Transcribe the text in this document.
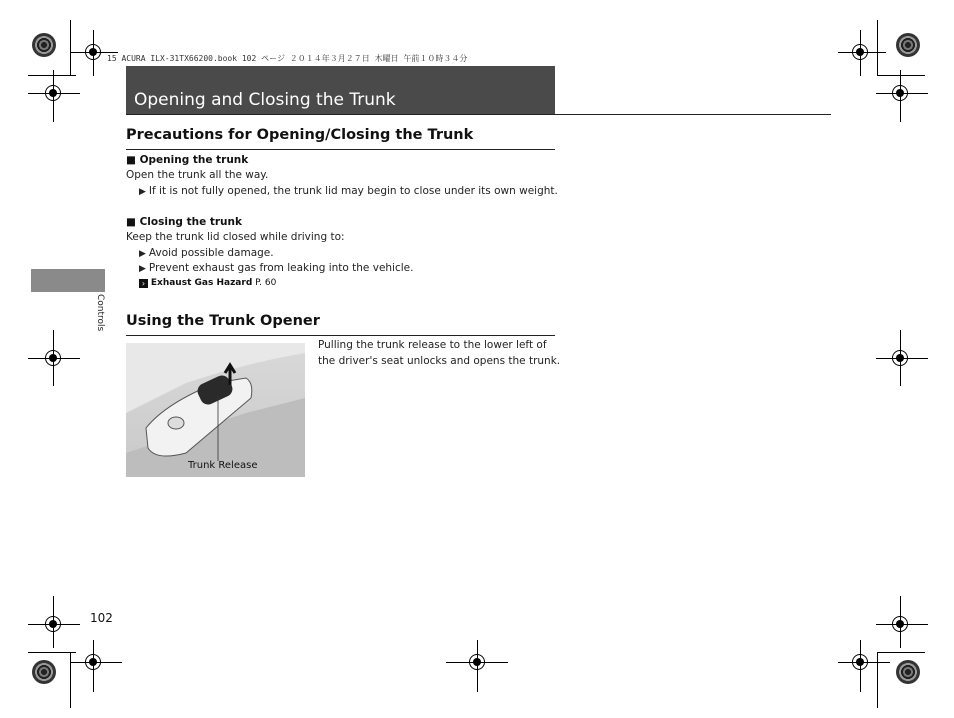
15 ACURA ILX-31TX66200.book 102 ページ ２０１４年３月２７日 木曜日 午前１０時３４分
Opening and Closing the Trunk
Controls
Precautions for Opening/Closing the Trunk
■ Opening the trunk
Open the trunk all the way.
▶ If it is not fully opened, the trunk lid may begin to close under its own weight.
■ Closing the trunk
Keep the trunk lid closed while driving to:
▶ Avoid possible damage.
▶ Prevent exhaust gas from leaking into the vehicle.
› Exhaust Gas Hazard P. 60
Using the Trunk Opener
Trunk Release
Pulling the trunk release to the lower left of
the driver's seat unlocks and opens the trunk.
102
